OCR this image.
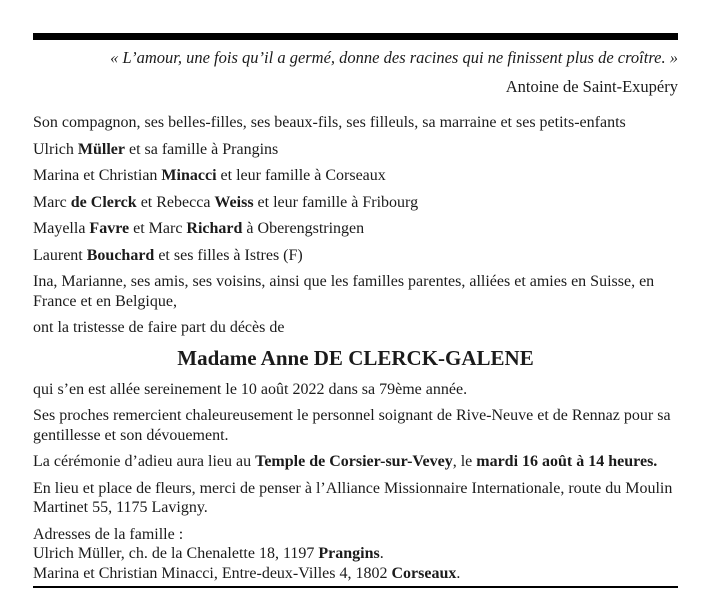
« L’amour, une fois qu’il a germé, donne des racines qui ne finissent plus de croître. »

Antoine de Saint-Exupéry

Son compagnon, ses belles-filles, ses beaux-fils, ses filleuls, sa marraine et ses petits-enfants

Ulrich Müller et sa famille à Prangins

Marina et Christian Minacci et leur famille à Corseaux

Marc de Clerck et Rebecca Weiss et leur famille à Fribourg

Mayella Favre et Marc Richard à Oberengstringen

Laurent Bouchard et ses filles à Istres (F)

Ina, Marianne, ses amis, ses voisins, ainsi que les familles parentes, alliées et amies en Suisse, en France et en Belgique,

ont la tristesse de faire part du décès de

Madame Anne DE CLERCK-GALENE

qui s’en est allée sereinement le 10 août 2022 dans sa 79ème année.

Ses proches remercient chaleureusement le personnel soignant de Rive-Neuve et de Rennaz pour sa gentillesse et son dévouement.

La cérémonie d’adieu aura lieu au Temple de Corsier-sur-Vevey, le mardi 16 août à 14 heures.

En lieu et place de fleurs, merci de penser à l’Alliance Missionnaire Internationale, route du Moulin Martinet 55, 1175 Lavigny.

Adresses de la famille :

Ulrich Müller, ch. de la Chenalette 18, 1197 Prangins.

Marina et Christian Minacci, Entre-deux-Villes 4, 1802 Corseaux.
